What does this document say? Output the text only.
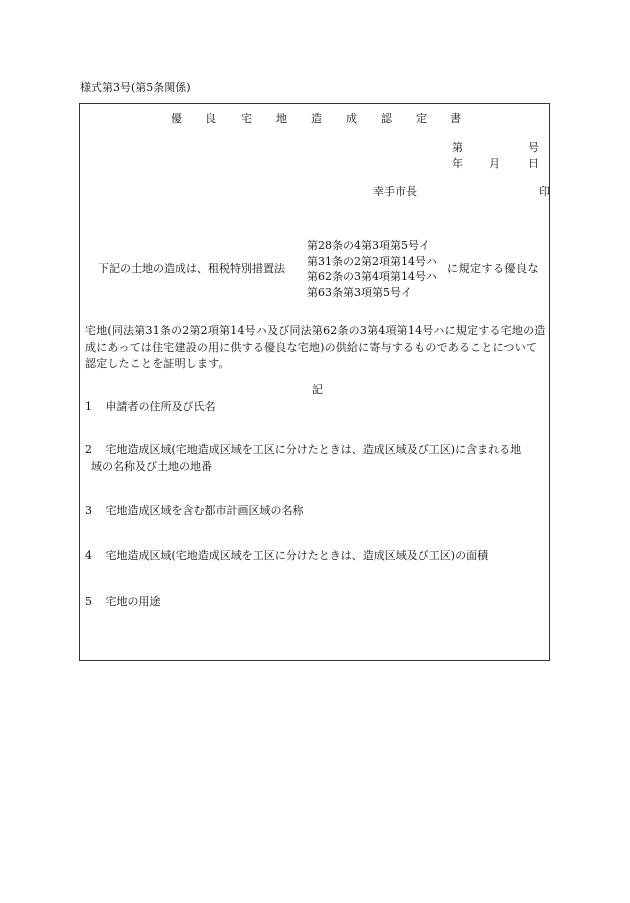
様式第3号(第5条関係)
優 良 宅 地 造 成 認 定 書
第	号
年 月	日
幸手市長	印
下記の土地の造成は、租税特別措置法
第28条の4第3項第5号イ
第31条の2第2項第14号ハ
第62条の3第4項第14号ハ
第63条第3項第5号イ
に規定する優良な
宅地(同法第31条の2第2項第14号ハ及び同法第62条の3第4項第14号ハに規定する宅地の造成にあっては住宅建設の用に供する優良な宅地)の供給に寄与するものであることについて認定したことを証明します。
記
1 申請者の住所及び氏名
2 宅地造成区域(宅地造成区域を工区に分けたときは、造成区域及び工区)に含まれる地
域の名称及び土地の地番
3 宅地造成区域を含む都市計画区域の名称
4 宅地造成区域(宅地造成区域を工区に分けたときは、造成区域及び工区)の面積
5 宅地の用途
